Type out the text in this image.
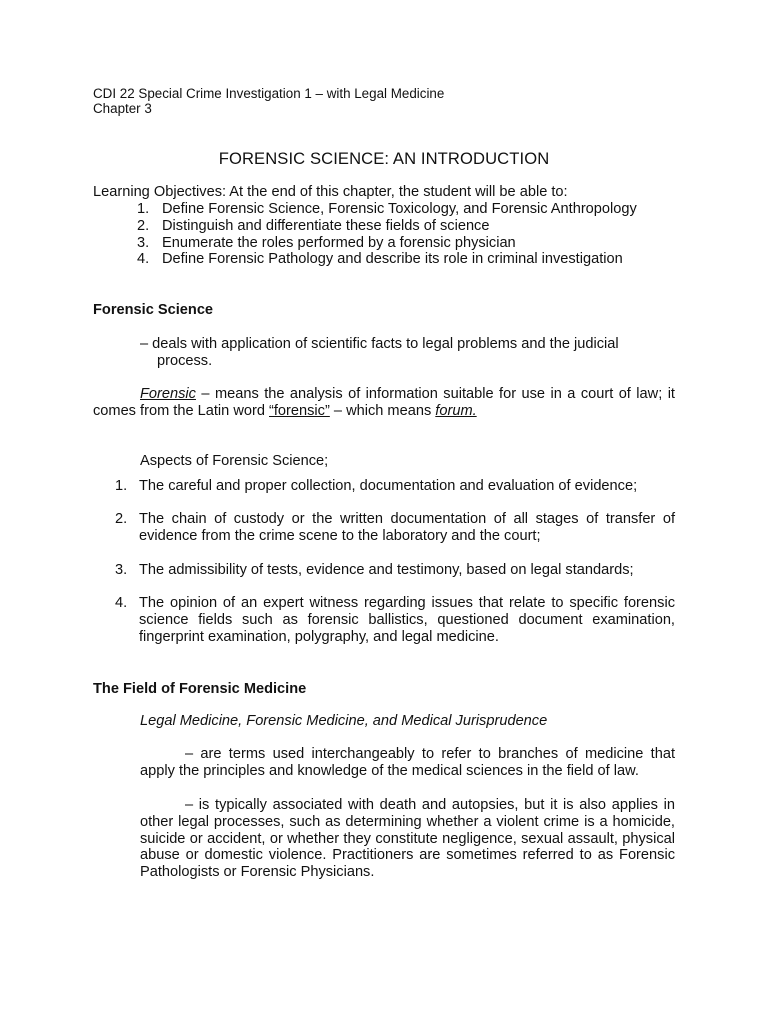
CDI 22 Special Crime Investigation 1 – with Legal Medicine
Chapter 3
FORENSIC SCIENCE: AN INTRODUCTION
Learning Objectives: At the end of this chapter, the student will be able to:
1. Define Forensic Science, Forensic Toxicology, and Forensic Anthropology
2. Distinguish and differentiate these fields of science
3. Enumerate the roles performed by a forensic physician
4. Define Forensic Pathology and describe its role in criminal investigation
Forensic Science
– deals with application of scientific facts to legal problems and the judicial
process.
Forensic – means the analysis of information suitable for use in a court of law; it comes from the Latin word “forensic” – which means forum.
Aspects of Forensic Science;
1. The careful and proper collection, documentation and evaluation of evidence;
2. The chain of custody or the written documentation of all stages of transfer of evidence from the crime scene to the laboratory and the court;
3. The admissibility of tests, evidence and testimony, based on legal standards;
4. The opinion of an expert witness regarding issues that relate to specific forensic science fields such as forensic ballistics, questioned document examination, fingerprint examination, polygraphy, and legal medicine.
The Field of Forensic Medicine
Legal Medicine, Forensic Medicine, and Medical Jurisprudence
– are terms used interchangeably to refer to branches of medicine that apply the principles and knowledge of the medical sciences in the field of law.
– is typically associated with death and autopsies, but it is also applies in other legal processes, such as determining whether a violent crime is a homicide, suicide or accident, or whether they constitute negligence, sexual assault, physical abuse or domestic violence. Practitioners are sometimes referred to as Forensic Pathologists or Forensic Physicians.
